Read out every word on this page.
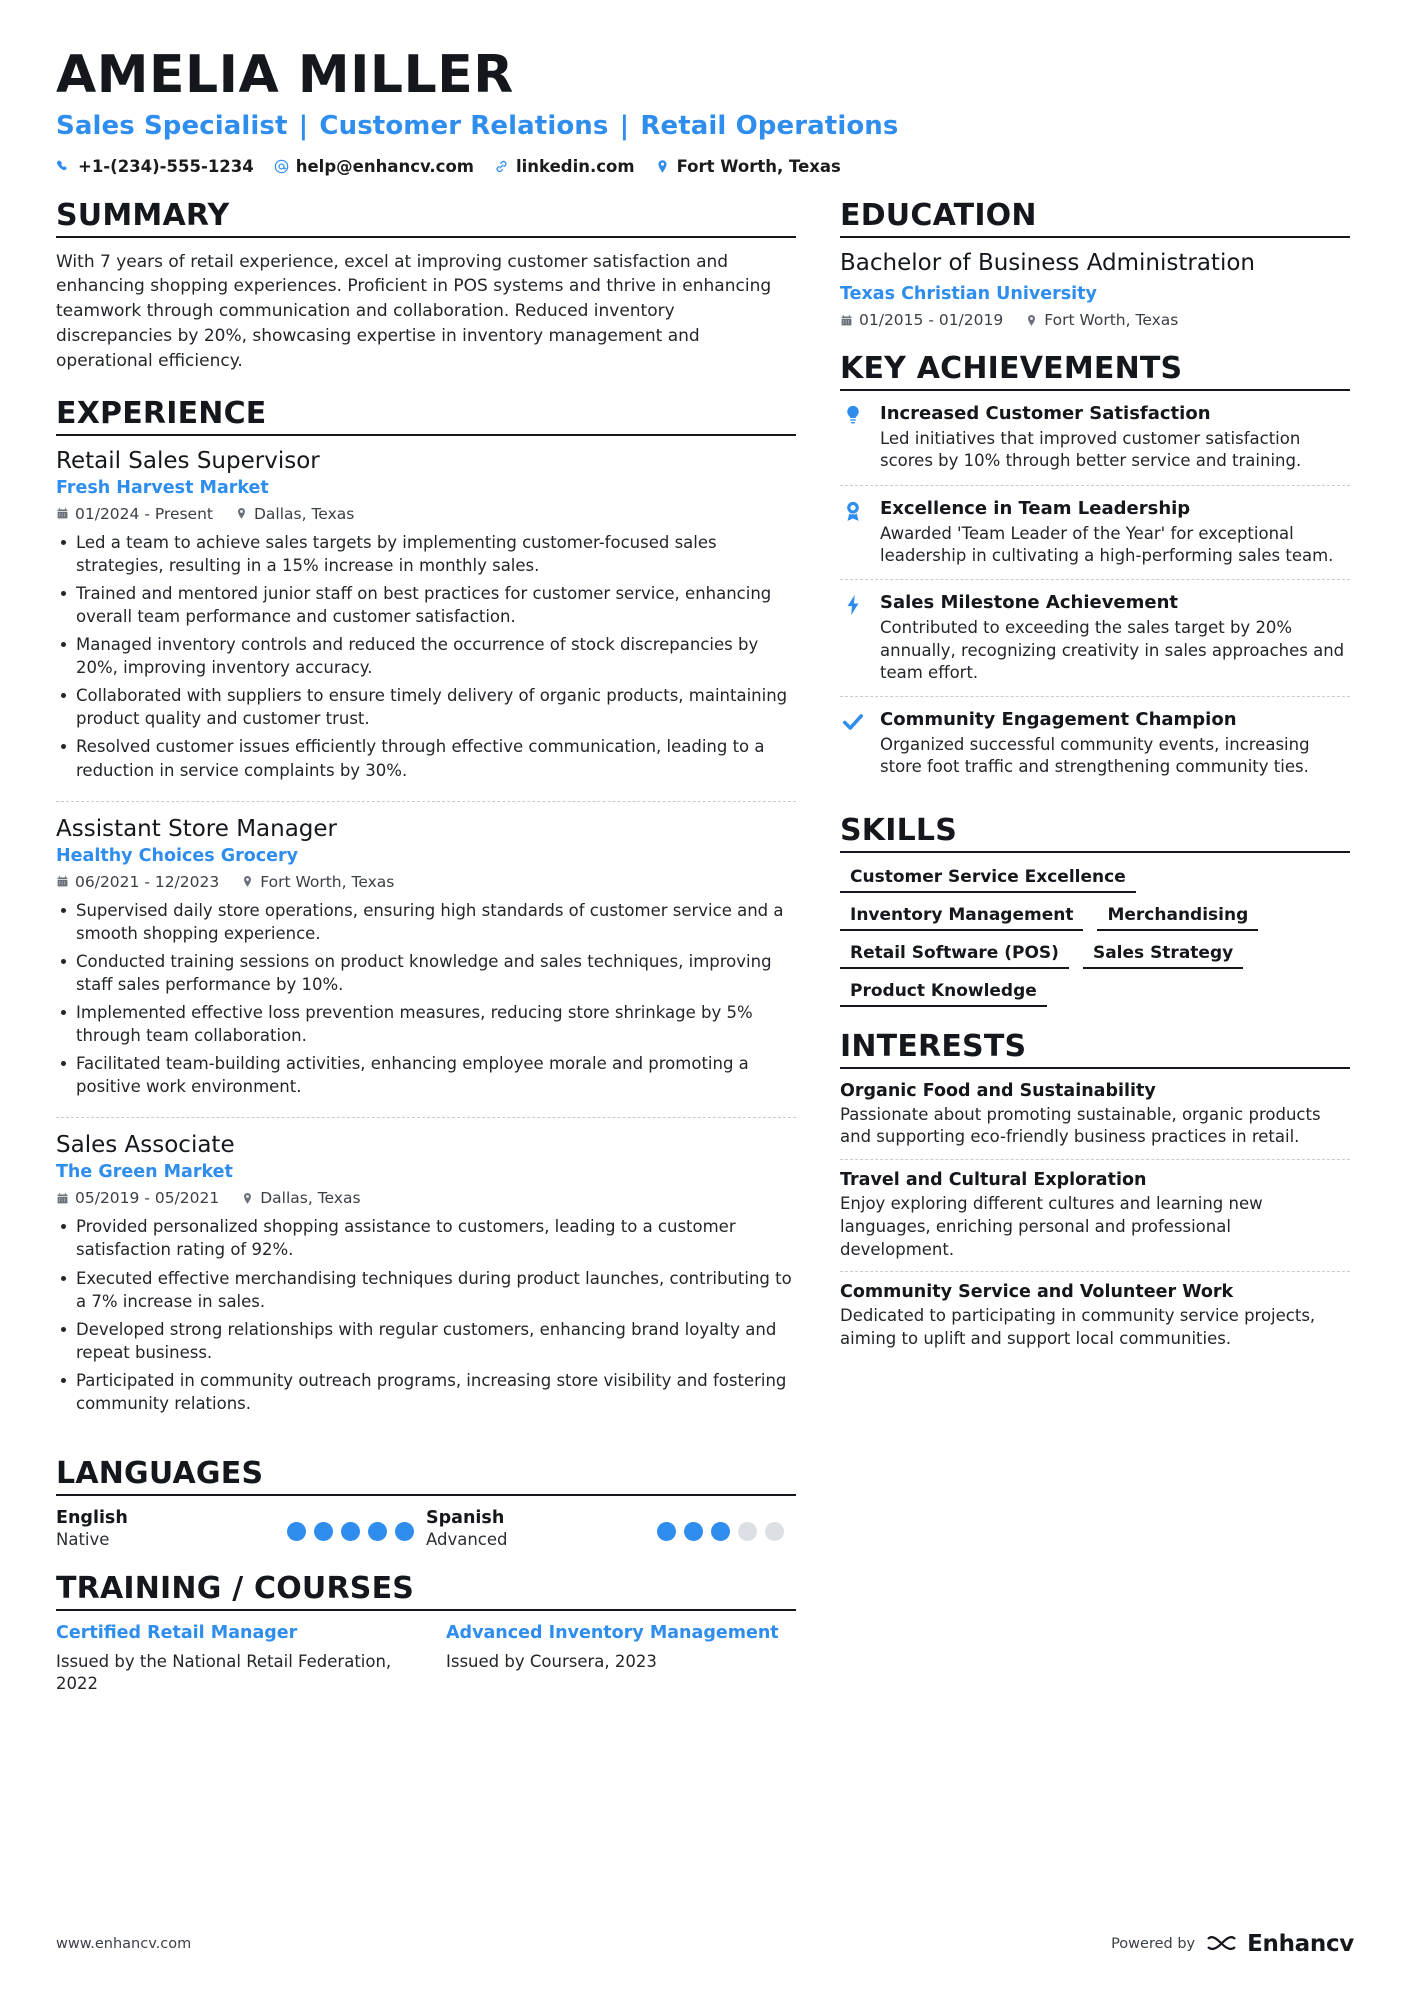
AMELIA MILLER
Sales Specialist | Customer Relations | Retail Operations
+1-(234)-555-1234	help@enhancv.com	linkedin.com	Fort Worth, Texas
SUMMARY

With 7 years of retail experience, excel at improving customer satisfaction and enhancing shopping experiences. Proficient in POS systems and thrive in enhancing teamwork through communication and collaboration. Reduced inventory discrepancies by 20%, showcasing expertise in inventory management and operational efficiency.

EXPERIENCE
Retail Sales Supervisor
Fresh Harvest Market
01/2024 - Present	Dallas, Texas
Led a team to achieve sales targets by implementing customer-focused sales strategies, resulting in a 15% increase in monthly sales.
Trained and mentored junior staff on best practices for customer service, enhancing overall team performance and customer satisfaction.
Managed inventory controls and reduced the occurrence of stock discrepancies by 20%, improving inventory accuracy.
Collaborated with suppliers to ensure timely delivery of organic products, maintaining product quality and customer trust.
Resolved customer issues efficiently through effective communication, leading to a reduction in service complaints by 30%.
Assistant Store Manager
Healthy Choices Grocery
06/2021 - 12/2023	Fort Worth, Texas
Supervised daily store operations, ensuring high standards of customer service and a smooth shopping experience.
Conducted training sessions on product knowledge and sales techniques, improving staff sales performance by 10%.
Implemented effective loss prevention measures, reducing store shrinkage by 5% through team collaboration.
Facilitated team-building activities, enhancing employee morale and promoting a positive work environment.
Sales Associate
The Green Market
05/2019 - 05/2021	Dallas, Texas
Provided personalized shopping assistance to customers, leading to a customer satisfaction rating of 92%.
Executed effective merchandising techniques during product launches, contributing to a 7% increase in sales.
Developed strong relationships with regular customers, enhancing brand loyalty and repeat business.
Participated in community outreach programs, increasing store visibility and fostering community relations.
LANGUAGES
English
Native
Spanish
Advanced
TRAINING / COURSES
Certified Retail Manager
Issued by the National Retail Federation, 2022
Advanced Inventory Management
Issued by Coursera, 2023
EDUCATION
Bachelor of Business Administration
Texas Christian University
01/2015 - 01/2019	Fort Worth, Texas
KEY ACHIEVEMENTS
Increased Customer Satisfaction
Led initiatives that improved customer satisfaction scores by 10% through better service and training.
Excellence in Team Leadership
Awarded 'Team Leader of the Year' for exceptional leadership in cultivating a high-performing sales team.
Sales Milestone Achievement
Contributed to exceeding the sales target by 20% annually, recognizing creativity in sales approaches and team effort.
Community Engagement Champion
Organized successful community events, increasing store foot traffic and strengthening community ties.
SKILLS
Customer Service Excellence
Inventory Management	Merchandising
Retail Software (POS)	Sales Strategy
Product Knowledge
INTERESTS
Organic Food and Sustainability
Passionate about promoting sustainable, organic products and supporting eco-friendly business practices in retail.
Travel and Cultural Exploration
Enjoy exploring different cultures and learning new languages, enriching personal and professional development.
Community Service and Volunteer Work
Dedicated to participating in community service projects, aiming to uplift and support local communities.
www.enhancv.com	Powered by Enhancv
